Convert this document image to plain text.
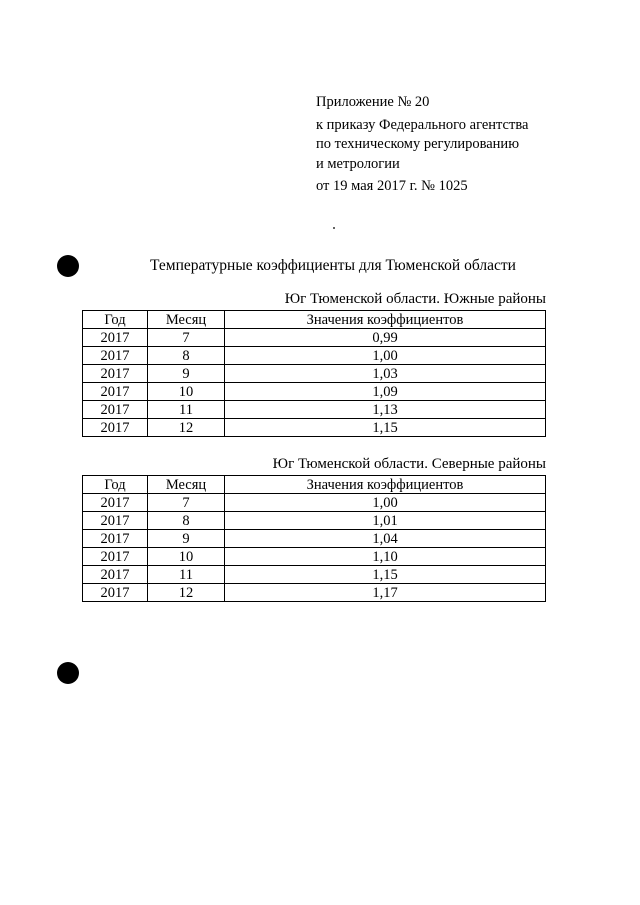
Приложение № 20
к приказу Федерального агентства
по техническому регулированию
и метрологии
от 19 мая 2017 г. № 1025
Температурные коэффициенты для Тюменской области
Юг Тюменской области. Южные районы
Год	Месяц	Значения коэффициентов
2017	7	0,99
2017	8	1,00
2017	9	1,03
2017	10	1,09
2017	11	1,13
2017	12	1,15
Юг Тюменской области. Северные районы
Год	Месяц	Значения коэффициентов
2017	7	1,00
2017	8	1,01
2017	9	1,04
2017	10	1,10
2017	11	1,15
2017	12	1,17
